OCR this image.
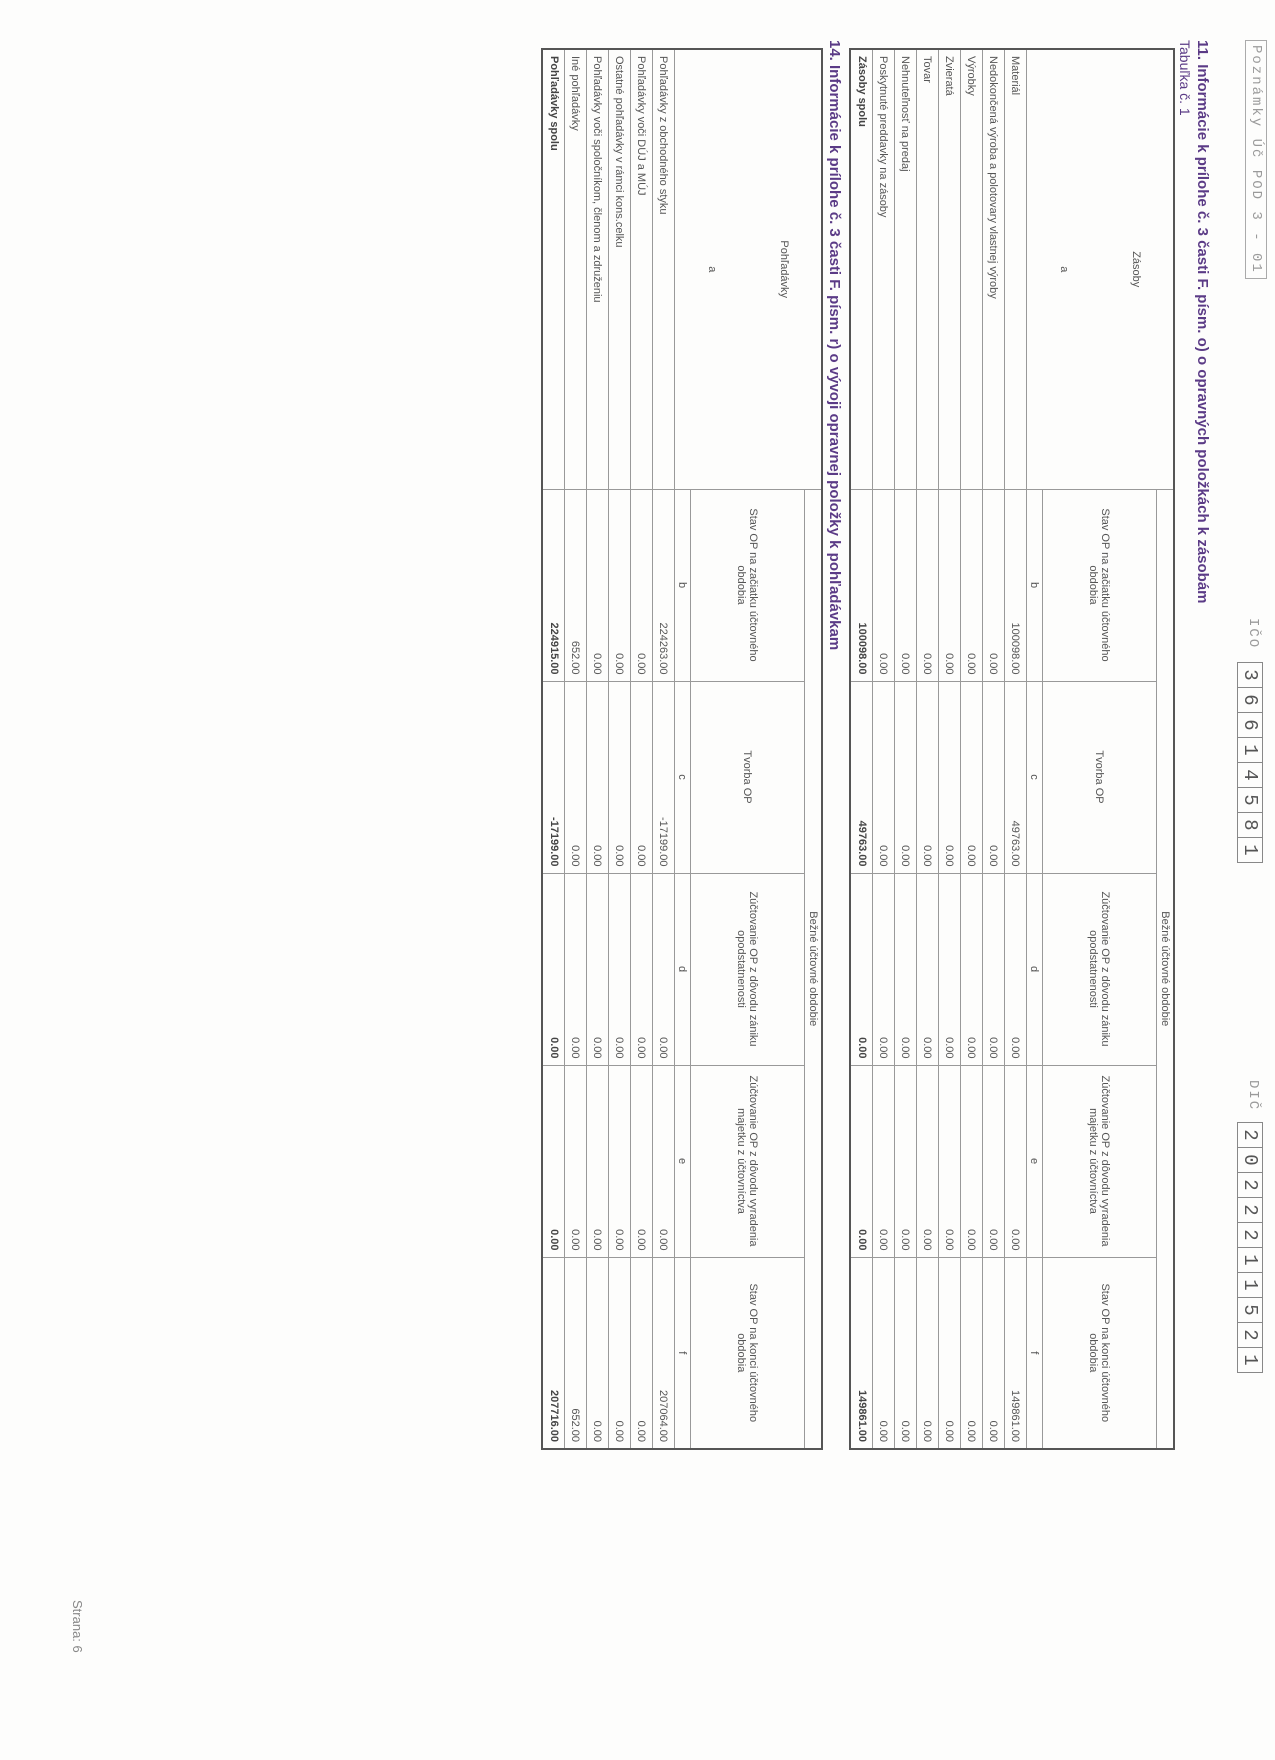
Poznámky Úč POD 3 - 01
IČO
3
6
6
1
4
5
8
1
DIČ
2
0
2
2
2
1
1
5
2
1
11. Informácie k prílohe č. 3 časti F. písm. o) o opravných položkách k zásobám
Tabuľka č. 1
Zásoby
a	Bežné účtovné obdobie				
	Stav OP na začiatku účtovného obdobia	Tvorba OP	Zúčtovanie OP z dôvodu zániku opodstatnenosti	Zúčtovanie OP z dôvodu vyradenia majetku z účtovníctva	Stav OP na konci účtovného obdobia
	b	c	d	e	f
Materiál	100098.00	49763.00	0.00	0.00	149861.00
Nedokončená výroba a polotovary vlastnej výroby	0.00	0.00	0.00	0.00	0.00
Výrobky	0.00	0.00	0.00	0.00	0.00
Zvieratá	0.00	0.00	0.00	0.00	0.00
Tovar	0.00	0.00	0.00	0.00	0.00
Nehnuteľnosť na predaj	0.00	0.00	0.00	0.00	0.00
Poskytnuté preddavky na zásoby	0.00	0.00	0.00	0.00	0.00
Zásoby spolu	100098.00	49763.00	0.00	0.00	149861.00
14. Informácie k prílohe č. 3 časti F. písm. r) o vývoji opravnej položky k pohľadávkam
Pohľadávky
a	Bežné účtovné obdobie				
	Stav OP na začiatku účtovného obdobia	Tvorba OP	Zúčtovanie OP z dôvodu zániku opodstatnenosti	Zúčtovanie OP z dôvodu vyradenia majetku z účtovníctva	Stav OP na konci účtovného obdobia
	b	c	d	e	f
Pohľadávky z obchodného styku	224263.00	-17199.00	0.00	0.00	207064.00
Pohľadávky voči DÚJ a MÚJ	0.00	0.00	0.00	0.00	0.00
Ostatné pohľadávky v rámci kons.celku	0.00	0.00	0.00	0.00	0.00
Pohľadávky voči spoločníkom, členom a združeniu	0.00	0.00	0.00	0.00	0.00
Iné pohľadávky	652.00	0.00	0.00	0.00	652.00
Pohľadávky spolu	224915.00	-17199.00	0.00	0.00	207716.00
Strana: 6
